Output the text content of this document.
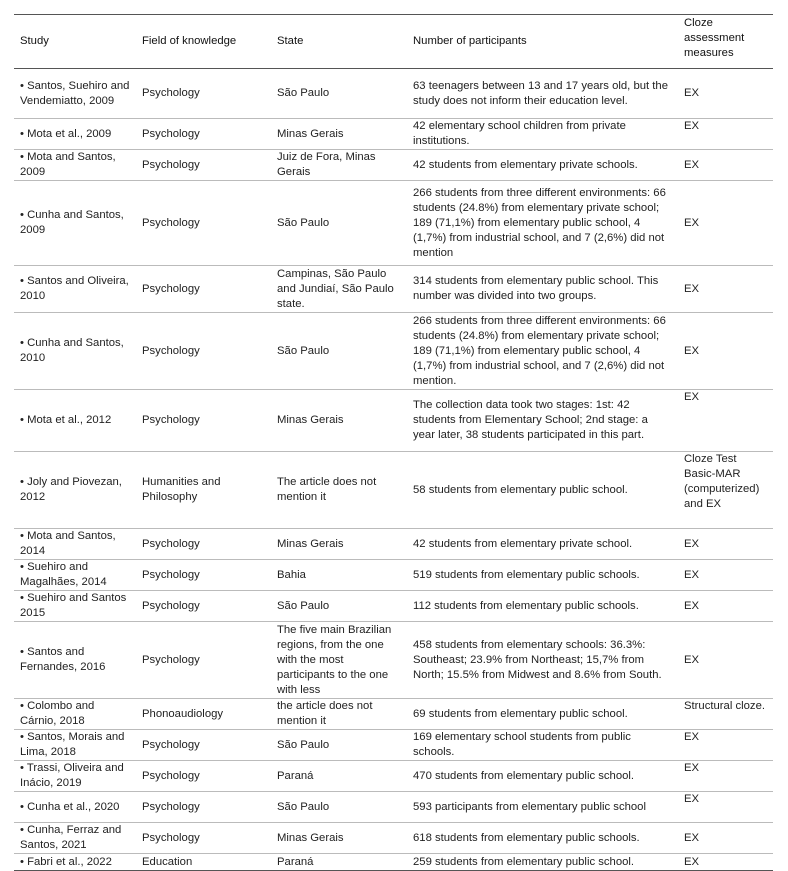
Study	Field of knowledge	State	Number of participants	Cloze assessment measures
• Santos, Suehiro and Vendemiatto, 2009	Psychology	São Paulo	63 teenagers between 13 and 17 years old, but the study does not inform their education level.	EX
• Mota et al., 2009	Psychology	Minas Gerais	42 elementary school children from private institutions.	EX
• Mota and Santos, 2009	Psychology	Juiz de Fora, Minas Gerais	42 students from elementary private schools.	EX
• Cunha and Santos, 2009	Psychology	São Paulo	266 students from three different environments: 66 students (24.8%) from elementary private school; 189 (71,1%) from elementary public school, 4 (1,7%) from industrial school, and 7 (2,6%) did not mention	EX
• Santos and Oliveira, 2010	Psychology	Campinas, São Paulo and Jundiaí, São Paulo state.	314 students from elementary public school. This number was divided into two groups.	EX
• Cunha and Santos, 2010	Psychology	São Paulo	266 students from three different environments: 66 students (24.8%) from elementary private school; 189 (71,1%) from elementary public school, 4 (1,7%) from industrial school, and 7 (2,6%) did not mention.	EX
• Mota et al., 2012	Psychology	Minas Gerais	The collection data took two stages: 1st: 42 students from Elementary School; 2nd stage: a year later, 38 students participated in this part.	EX
• Joly and Piovezan, 2012	Humanities and Philosophy	The article does not mention it	58 students from elementary public school.	Cloze Test Basic-MAR (computerized) and EX
• Mota and Santos, 2014	Psychology	Minas Gerais	42 students from elementary private school.	EX
• Suehiro and Magalhães, 2014	Psychology	Bahia	519 students from elementary public schools.	EX
• Suehiro and Santos 2015	Psychology	São Paulo	112 students from elementary public schools.	EX
• Santos and Fernandes, 2016	Psychology	The five main Brazilian regions, from the one with the most participants to the one with less	458 students from elementary schools: 36.3%: Southeast; 23.9% from Northeast; 15,7% from North; 15.5% from Midwest and 8.6% from South.	EX
• Colombo and Cárnio, 2018	Phonoaudiology	the article does not mention it	69 students from elementary public school.	Structural cloze.
• Santos, Morais and Lima, 2018	Psychology	São Paulo	169 elementary school students from public schools.	EX
• Trassi, Oliveira and Inácio, 2019	Psychology	Paraná	470 students from elementary public school.	EX
• Cunha et al., 2020	Psychology	São Paulo	593 participants from elementary public school	EX
• Cunha, Ferraz and Santos, 2021	Psychology	Minas Gerais	618 students from elementary public schools.	EX
• Fabri et al., 2022	Education	Paraná	259 students from elementary public school.	EX
